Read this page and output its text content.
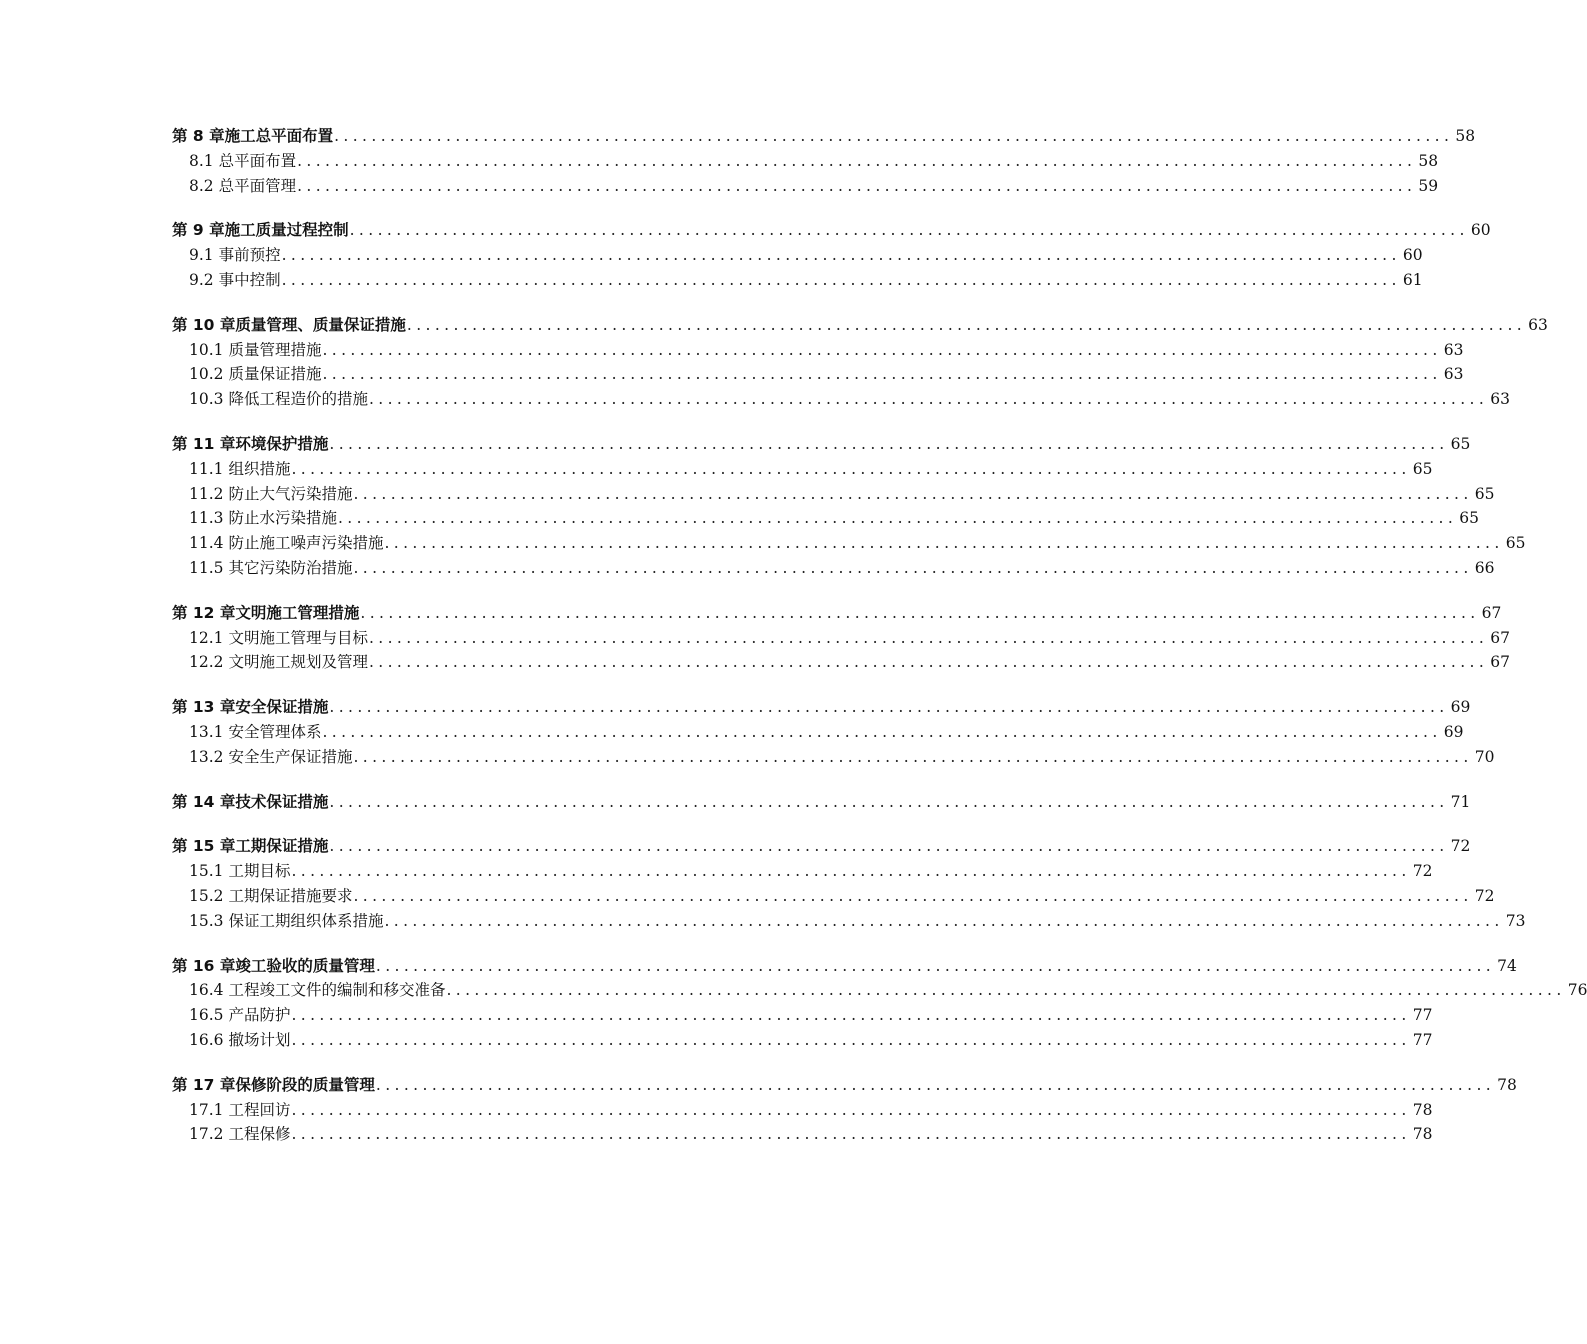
第 8 章施工总平面布置 ........................................................................................................................ 58
8.1 总平面布置 ........................................................................................................................ 58
8.2 总平面管理 ........................................................................................................................ 59
第 9 章施工质量过程控制 ........................................................................................................................ 60
9.1 事前预控 ........................................................................................................................ 60
9.2 事中控制 ........................................................................................................................ 61
第 10 章质量管理、质量保证措施 ........................................................................................................................ 63
10.1 质量管理措施 ........................................................................................................................ 63
10.2 质量保证措施 ........................................................................................................................ 63
10.3 降低工程造价的措施 ........................................................................................................................ 63
第 11 章环境保护措施 ........................................................................................................................ 65
11.1 组织措施 ........................................................................................................................ 65
11.2 防止大气污染措施 ........................................................................................................................ 65
11.3 防止水污染措施 ........................................................................................................................ 65
11.4 防止施工噪声污染措施 ........................................................................................................................ 65
11.5 其它污染防治措施 ........................................................................................................................ 66
第 12 章文明施工管理措施 ........................................................................................................................ 67
12.1 文明施工管理与目标 ........................................................................................................................ 67
12.2 文明施工规划及管理 ........................................................................................................................ 67
第 13 章安全保证措施 ........................................................................................................................ 69
13.1 安全管理体系 ........................................................................................................................ 69
13.2 安全生产保证措施 ........................................................................................................................ 70
第 14 章技术保证措施 ........................................................................................................................ 71
第 15 章工期保证措施 ........................................................................................................................ 72
15.1 工期目标 ........................................................................................................................ 72
15.2 工期保证措施要求 ........................................................................................................................ 72
15.3 保证工期组织体系措施 ........................................................................................................................ 73
第 16 章竣工验收的质量管理 ........................................................................................................................ 74
16.4 工程竣工文件的编制和移交准备 ........................................................................................................................ 76
16.5 产品防护 ........................................................................................................................ 77
16.6 撤场计划 ........................................................................................................................ 77
第 17 章保修阶段的质量管理 ........................................................................................................................ 78
17.1 工程回访 ........................................................................................................................ 78
17.2 工程保修 ........................................................................................................................ 78
